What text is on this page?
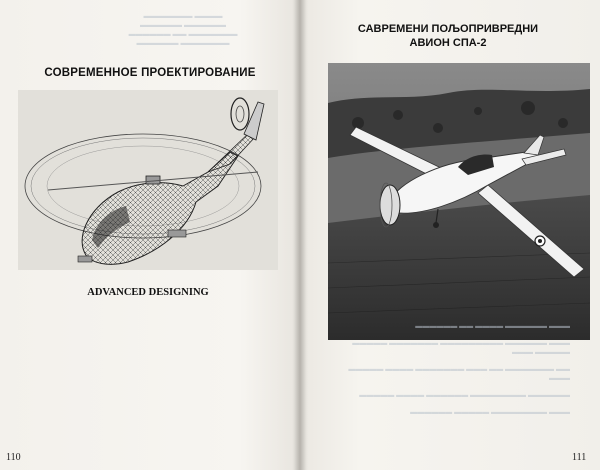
▬▬▬▬ ▬▬▬▬▬▬▬
▬▬▬▬▬▬ ▬▬▬▬▬▬
▬▬▬▬▬▬▬ ▬▬ ▬▬▬▬▬▬
▬▬▬▬▬▬▬ ▬▬▬▬▬▬
СОВРЕМЕННОЕ ПРОЕКТИРОВАНИЕ
ADVANCED DESIGNING
110
САВРЕМЕНИ ПОЉОПРИВРЕДНИ
АВИОН СПА-2
▬▬▬ ▬▬▬▬▬▬ ▬▬▬▬ ▬▬ ▬▬▬▬▬▬
▬▬▬ ▬▬▬▬▬▬ ▬▬▬▬▬▬▬▬▬ ▬▬▬▬▬▬▬ ▬▬▬▬▬ ▬▬▬▬▬ ▬▬▬
▬▬ ▬▬▬▬▬▬▬ ▬▬ ▬▬▬ ▬▬▬▬▬▬▬ ▬▬▬▬ ▬▬▬▬▬ ▬▬▬
▬▬▬▬▬▬ ▬▬▬▬▬▬▬▬ ▬▬▬▬▬▬ ▬▬▬▬ ▬▬▬▬▬
▬▬▬ ▬▬▬▬▬▬▬▬ ▬▬▬▬▬ ▬▬▬▬▬▬
111
